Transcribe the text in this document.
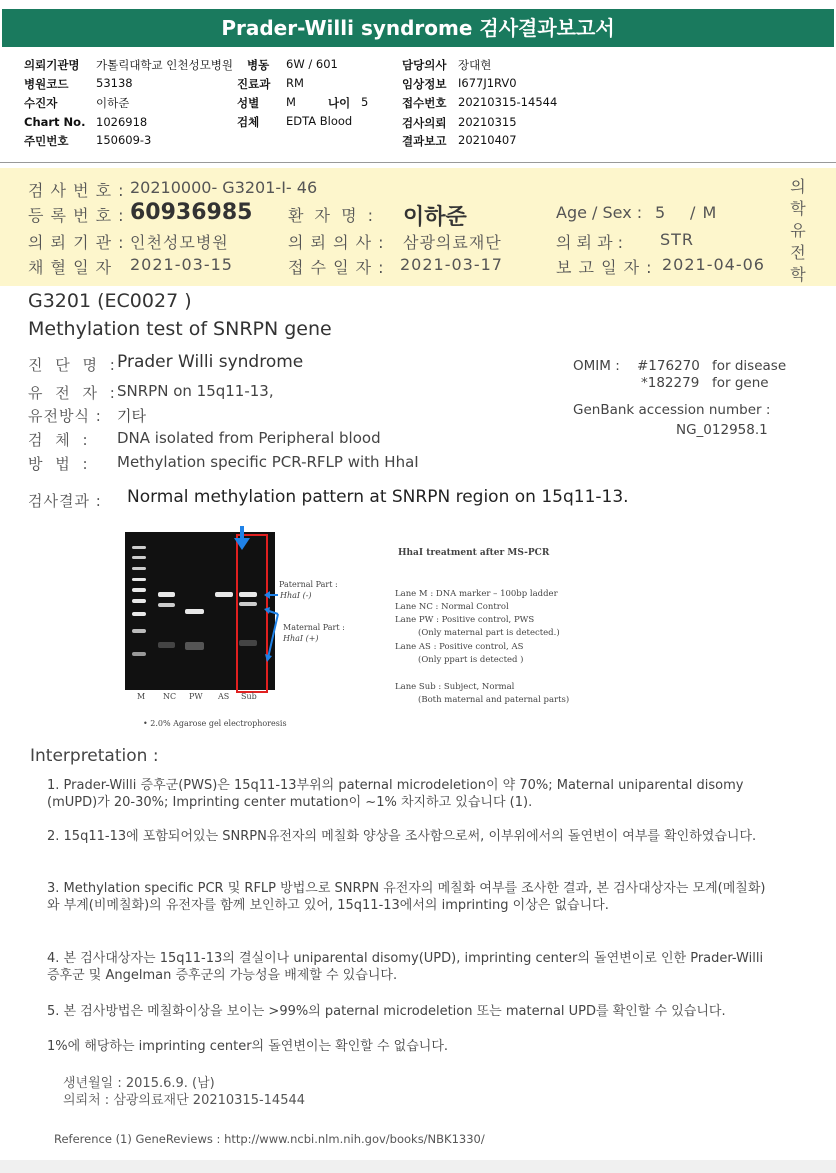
Prader-Willi syndrome 검사결과보고서
의뢰기관명 가톨릭대학교 인천성모병원 병동 6W / 601	담당의사 장대현
병원코드 53138	진료과 RM	임상정보 I677J1RV0
수진자	이하준	성별 M	나이 5	접수번호 20210315-14544
Chart No. 1026918	검체 EDTA Blood	검사의뢰 20210315
주민번호 150609-3	결과보고 20210407
검 사 번 호 : 20210000- G3201-I- 46
등 록 번 호 : 60936985 환 자 명 : 이하준	Age / Sex : 5 / M
의 뢰 기 관 : 인천성모병원	의 뢰 의 사 : 삼광의료재단	의 뢰 과 : STR
채 혈 일 자 2021-03-15	접 수 일 자 : 2021-03-17	보 고 일 자 : 2021-04-06
의
학
유
전
학
G3201 (EC0027 )
Methylation test of SNRPN gene
진 단 명 :
Prader Willi syndrome
유 전 자 :
SNRPN on 15q11-13,
유전방식 : 기타
검 체 : DNA isolated from Peripheral blood
방 법 : Methylation specific PCR-RFLP with HhaI
OMIM : #176270 for disease
*182279 for gene
GenBank accession number :
NG_012958.1
검사결과 : Normal methylation pattern at SNRPN region on 15q11-13.
Paternal Part :
HhaI (-)
Maternal Part :
HhaI (+)
M NC PW AS Sub
• 2.0% Agarose gel electrophoresis
HhaI treatment after MS-PCR
Lane M : DNA marker – 100bp ladder
Lane NC : Normal Control
Lane PW : Positive control, PWS
(Only maternal part is detected.)
Lane AS : Positive control, AS
(Only ppart is detected )
Lane Sub : Subject, Normal
(Both maternal and paternal parts)
Interpretation :
1. Prader-Willi 증후군(PWS)은 15q11-13부위의 paternal microdeletion이 약 70%; Maternal uniparental disomy (mUPD)가 20-30%; Imprinting center mutation이 ~1% 차지하고 있습니다 (1).
2. 15q11-13에 포함되어있는 SNRPN유전자의 메칠화 양상을 조사함으로써, 이부위에서의 돌연변이 여부를 확인하였습니다.
3. Methylation specific PCR 및 RFLP 방법으로 SNRPN 유전자의 메칠화 여부를 조사한 결과, 본 검사대상자는 모계(메칠화)와 부계(비메칠화)의 유전자를 함께 보인하고 있어, 15q11-13에서의 imprinting 이상은 없습니다.
4. 본 검사대상자는 15q11-13의 결실이나 uniparental disomy(UPD), imprinting center의 돌연변이로 인한 Prader-Willi증후군 및 Angelman 증후군의 가능성을 배제할 수 있습니다.
5. 본 검사방법은 메칠화이상을 보이는 >99%의 paternal microdeletion 또는 maternal UPD를 확인할 수 있습니다.
1%에 해당하는 imprinting center의 돌연변이는 확인할 수 없습니다.
생년월일 : 2015.6.9. (남)
의뢰처 : 삼광의료재단 20210315-14544
Reference (1) GeneReviews : http://www.ncbi.nlm.nih.gov/books/NBK1330/
